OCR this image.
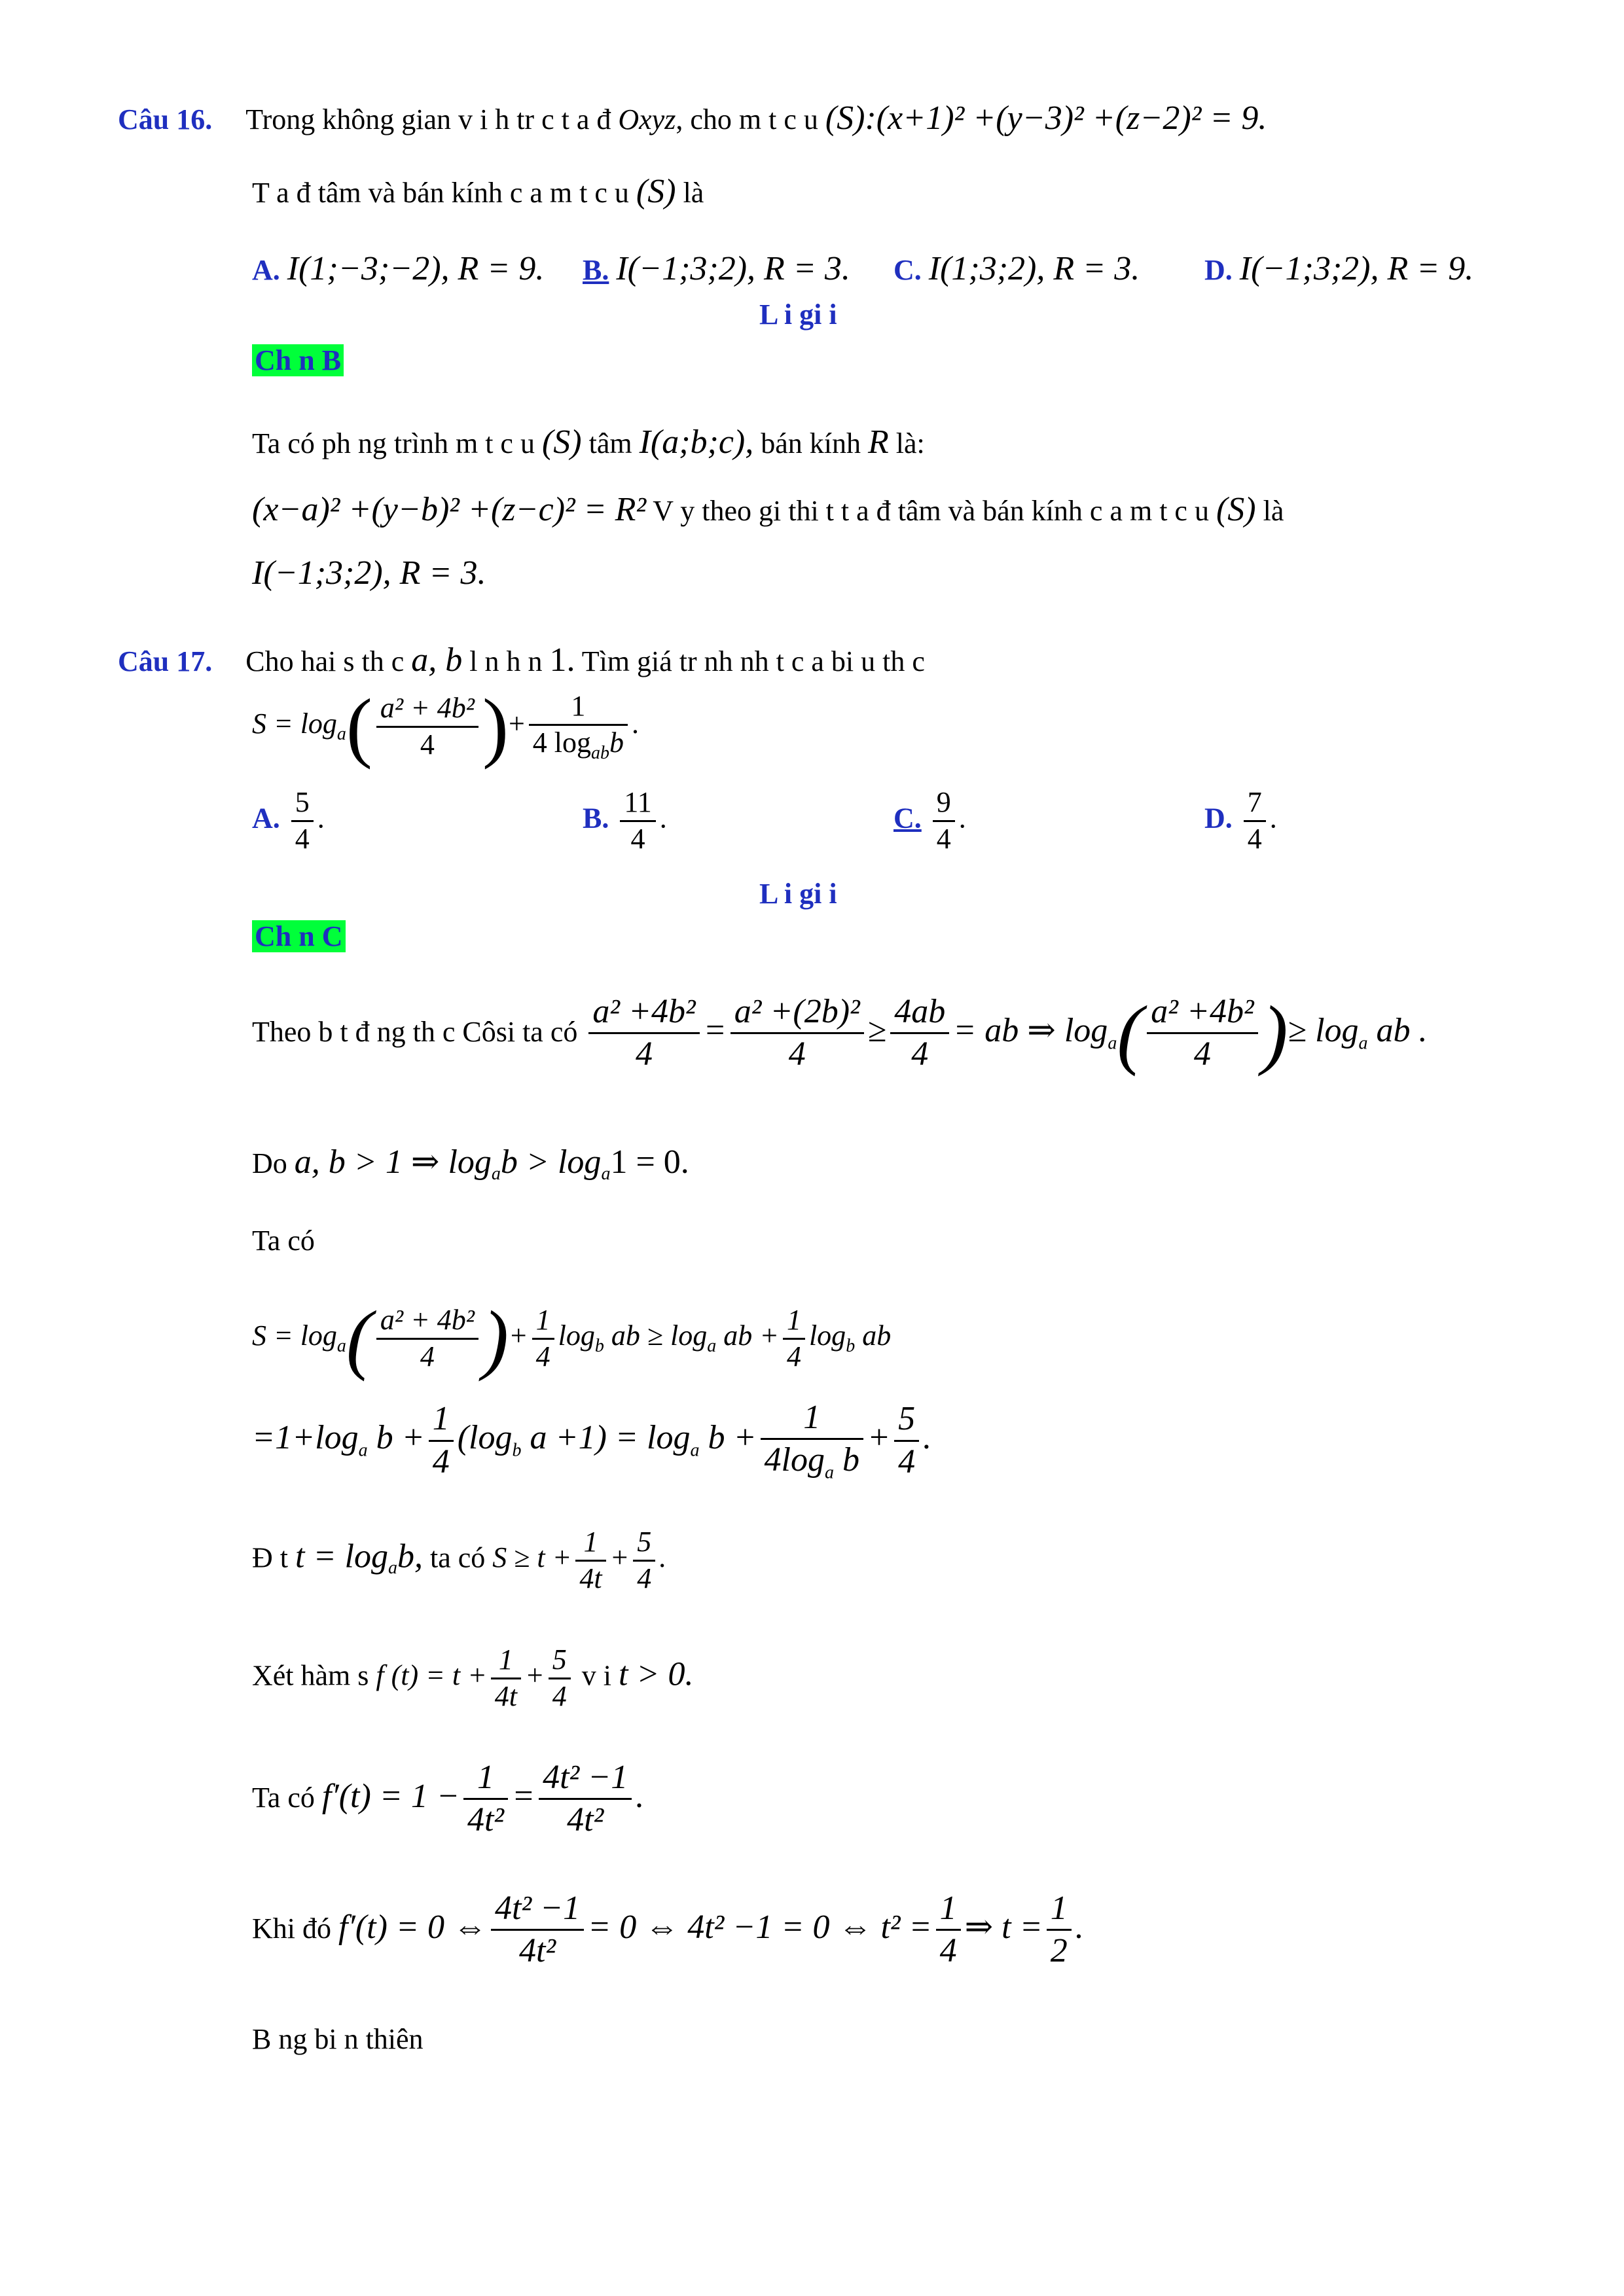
Câu 16. Trong không gian v i h tr c t a đ Oxyz, cho m t c u (S):(x+1)² +(y−3)² +(z−2)² = 9.
T a đ tâm và bán kính c a m t c u (S) là
A. I(1;−3;−2), R = 9. B. I(−1;3;2), R = 3. C. I(1;3;2), R = 3. D. I(−1;3;2), R = 9.
L i gi i
Ch n B
Ta có ph ng trình m t c u (S) tâm I(a;b;c), bán kính R là:
(x−a)² +(y−b)² +(z−c)² = R² V y theo gi thi t t a đ tâm và bán kính c a m t c u (S) là
I(−1;3;2), R = 3.
Câu 17. Cho hai s th c a, b l n h n 1. Tìm giá tr nh nh t c a bi u th c
$S = \log_a( \frac{\text{a² + 4b²}}{4}$ )+ $\frac{1}{4 \log_{ab}b}$ .
A. $\frac{5}{4}$ .	B. $\frac{11}{4}$ .	C. $\frac{9}{4}$ .	D. $\frac{7}{4}$ .
L i gi i
Ch n C
Theo b t đ ng th c Côsi ta có $\frac{\text{a² +4b²}}{4} = \frac{\text{a² +(2b)²}}{4} \ge \frac{4ab}{4}$ = ab ⇒ $\log_a( \frac{\text{a² +4b²}}{4}$ )≥ $\log_a$ ab .
Do a, b > 1 ⇒ $\log_ab > \log_a1 = 0$.
Ta có
$S = \log_a( \frac{\text{a² + 4b²}}{4}$ )+ $\frac{1}{4} \log_b$ ab ≥ $\log_a$ ab + $\frac{1}{4} \log_b$ ab
$=1+\log_a$ $b + \frac{1}{4} (\log_b$ $a +1) = \log_a b + \frac{1}{4\log_a b} + \frac{5}{4}$ .
Đ t $t = \log_ab$, ta có $S \ge t + \frac{1}{4t} + \frac{5}{4}$ .
Xét hàm s f $(t) = t + \frac{1}{4t} + \frac{5}{4}$ v i t > 0.
Ta có $f'(t) = 1 - \frac{1}{\text{4t²}} = \frac{\text{4t² −1}}{\text{4t²}}$ .
Khi đó f′(t) = 0 ⇔ $\frac{\text{4t² −1}}{\text{4t²}} = 0$ ⇔ 4t² −1 = 0 ⇔ $t^2 = \frac{1}{4}$ ⇒ $t = \frac{1}{2}$ .
B ng bi n thiên
